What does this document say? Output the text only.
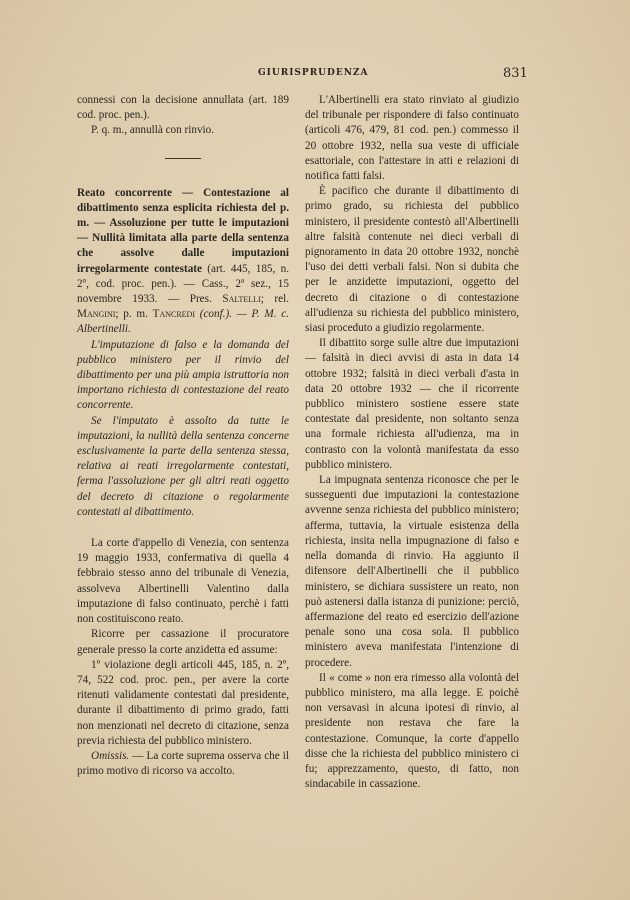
GIURISPRUDENZA	831

connessi con la decisione annullata (art. 189 cod. proc. pen.).

P. q. m., annullà con rinvio.

Reato concorrente — Contestazione al dibattimento senza esplicita richiesta del p. m. — Assoluzione per tutte le imputazioni — Nullità limitata alla parte della sentenza che assolve dalle imputazioni irregolarmente contestate (art. 445, 185, n. 2º, cod. proc. pen.). — Cass., 2ª sez., 15 novembre 1933. — Pres. Saltelli; rel. Mangini; p. m. Tancredi (conf.). — P. M. c. Albertinelli.

L'imputazione di falso e la domanda del pubblico ministero per il rinvio del dibattimento per una più ampia istruttoria non importano richiesta di contestazione del reato concorrente.

Se l'imputato è assolto da tutte le imputazioni, la nullità della sentenza concerne esclusivamente la parte della sentenza stessa, relativa ai reati irregolarmente contestati, ferma l'assoluzione per gli altri reati oggetto del decreto di citazione o regolarmente contestati al dibattimento.

La corte d'appello di Venezia, con sentenza 19 maggio 1933, confermativa di quella 4 febbraio stesso anno del tribunale di Venezia, assolveva Albertinelli Valentino dalla imputazione di falso continuato, perchè i fatti non costituiscono reato.

Ricorre per cassazione il procuratore generale presso la corte anzidetta ed assume:

1º violazione degli articoli 445, 185, n. 2º, 74, 522 cod. proc. pen., per avere la corte ritenuti validamente contestati dal presidente, durante il dibattimento di primo grado, fatti non menzionati nel decreto di citazione, senza previa richiesta del pubblico ministero.

Omissis. — La corte suprema osserva che il primo motivo di ricorso va accolto.

L'Albertinelli era stato rinviato al giudizio del tribunale per rispondere di falso continuato (articoli 476, 479, 81 cod. pen.) commesso il 20 ottobre 1932, nella sua veste di ufficiale esattoriale, con l'attestare in atti e relazioni di notifica fatti falsi.

È pacifico che durante il dibattimento di primo grado, su richiesta del pubblico ministero, il presidente contestò all'Albertinelli altre falsità contenute nei dieci verbali di pignoramento in data 20 ottobre 1932, nonchè l'uso dei detti verbali falsi. Non si dubita che per le anzidette imputazioni, oggetto del decreto di citazione o di contestazione all'udienza su richiesta del pubblico ministero, siasi proceduto a giudizio regolarmente.

Il dibattito sorge sulle altre due imputazioni — falsità in dieci avvisi di asta in data 14 ottobre 1932; falsità in dieci verbali d'asta in data 20 ottobre 1932 — che il ricorrente pubblico ministero sostiene essere state contestate dal presidente, non soltanto senza una formale richiesta all'udienza, ma in contrasto con la volontà manifestata da esso pubblico ministero.

La impugnata sentenza riconosce che per le susseguenti due imputazioni la contestazione avvenne senza richiesta del pubblico ministero; afferma, tuttavia, la virtuale esistenza della richiesta, insita nella impugnazione di falso e nella domanda di rinvio. Ha aggiunto il difensore dell'Albertinelli che il pubblico ministero, se dichiara sussistere un reato, non può astenersi dalla istanza di punizione: perciò, affermazione del reato ed esercizio dell'azione penale sono una cosa sola. Il pubblico ministero aveva manifestata l'intenzione di procedere.

Il « come » non era rimesso alla volontà del pubblico ministero, ma alla legge. E poichè non versavasi in alcuna ipotesi di rinvio, al presidente non restava che fare la contestazione. Comunque, la corte d'appello disse che la richiesta del pubblico ministero ci fu; apprezzamento, questo, di fatto, non sindacabile in cassazione.
